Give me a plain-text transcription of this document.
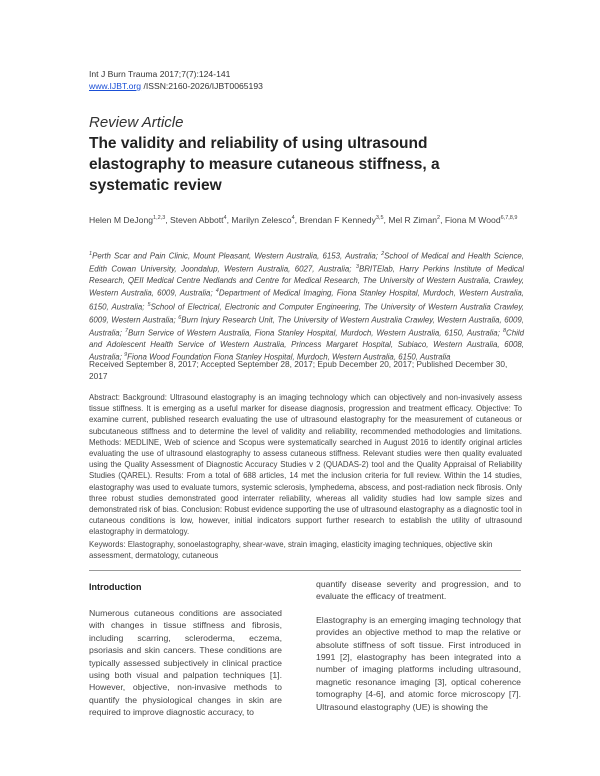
Int J Burn Trauma 2017;7(7):124-141
www.IJBT.org /ISSN:2160-2026/IJBT0065193
Review Article
The validity and reliability of using ultrasound elastography to measure cutaneous stiffness, a systematic review
Helen M DeJong$^{1,2,3}$, Steven Abbott$^4$, Marilyn Zelesco$^4$, Brendan F Kennedy$^{3,5}$, Mel R Ziman$^2$, Fiona M Wood$^{6,7,8,9}$
$^1$Perth Scar and Pain Clinic, Mount Pleasant, Western Australia, 6153, Australia; $^2$School of Medical and Health Science, Edith Cowan University, Joondalup, Western Australia, 6027, Australia; $^3$BRITElab, Harry Perkins Institute of Medical Research, QEII Medical Centre Nedlands and Centre for Medical Research, The University of Western Australia, Crawley, Western Australia, 6009, Australia; $^4$Department of Medical Imaging, Fiona Stanley Hospital, Murdoch, Western Australia, 6150, Australia; $^5$School of Electrical, Electronic and Computer Engineering, The University of Western Australia Crawley, 6009, Western Australia; $^6$Burn Injury Research Unit, The University of Western Australia Crawley, Western Australia, 6009, Australia; $^7$Burn Service of Western Australia, Fiona Stanley Hospital, Murdoch, Western Australia, 6150, Australia; $^8$Child and Adolescent Health Service of Western Australia, Princess Margaret Hospital, Subiaco, Western Australia, 6008, Australia; $^9$Fiona Wood Foundation Fiona Stanley Hospital, Murdoch, Western Australia, 6150, Australia
Received September 8, 2017; Accepted September 28, 2017; Epub December 20, 2017; Published December 30, 2017
Abstract: Background: Ultrasound elastography is an imaging technology which can objectively and non-invasively assess tissue stiffness. It is emerging as a useful marker for disease diagnosis, progression and treatment efficacy. Objective: To examine current, published research evaluating the use of ultrasound elastography for the measurement of cutaneous or subcutaneous stiffness and to determine the level of validity and reliability, recommended methodologies and limitations. Methods: MEDLINE, Web of science and Scopus were systematically searched in August 2016 to identify original articles evaluating the use of ultrasound elastography to assess cutaneous stiffness. Relevant studies were then quality evaluated using the Quality Assessment of Diagnostic Accuracy Studies v 2 (QUADAS-2) tool and the Quality Appraisal of Reliability Studies (QAREL). Results: From a total of 688 articles, 14 met the inclusion criteria for full review. Within the 14 studies, elastography was used to evaluate tumors, systemic sclerosis, lymphedema, abscess, and post-radiation neck fibrosis. Only three robust studies demonstrated good interrater reliability, whereas all validity studies had low sample sizes and demonstrated risk of bias. Conclusion: Robust evidence supporting the use of ultrasound elastography as a diagnostic tool in cutaneous conditions is low, however, initial indicators support further research to establish the utility of ultrasound elastography in dermatology.
Keywords: Elastography, sonoelastography, shear-wave, strain imaging, elasticity imaging techniques, objective skin assessment, dermatology, cutaneous
Introduction

Numerous cutaneous conditions are associated with changes in tissue stiffness and fibrosis, including scarring, scleroderma, eczema, psoriasis and skin cancers. These conditions are typically assessed subjectively in clinical practice using both visual and palpation techniques [1]. However, objective, non-invasive methods to quantify the physiological changes in skin are required to improve diagnostic accuracy, to

quantify disease severity and progression, and to evaluate the efficacy of treatment.

Elastography is an emerging imaging technology that provides an objective method to map the relative or absolute stiffness of soft tissue. First introduced in 1991 [2], elastography has been integrated into a number of imaging platforms including ultrasound, magnetic resonance imaging [3], optical coherence tomography [4-6], and atomic force microscopy [7]. Ultrasound elastography (UE) is showing the
